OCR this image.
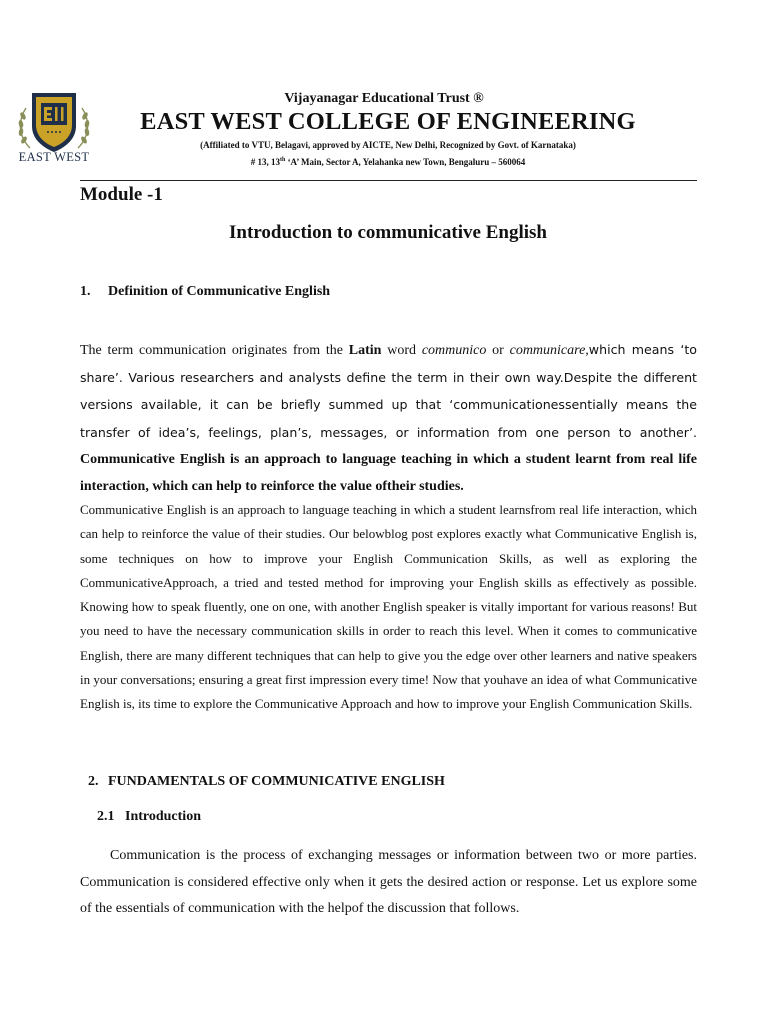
EAST WEST
Vijayanagar Educational Trust ®
EAST WEST COLLEGE OF ENGINEERING
(Affiliated to VTU, Belagavi, approved by AICTE, New Delhi, Recognized by Govt. of Karnataka)
# 13, 13th ‘A’ Main, Sector A, Yelahanka new Town, Bengaluru – 560064
Module -1
Introduction to communicative English
1. Definition of Communicative English
The term communication originates from the Latin word communico or communicare,which means ‘to share’. Various researchers and analysts define the term in their own way.Despite the different versions available, it can be briefly summed up that ‘communicationessentially means the transfer of idea’s, feelings, plan’s, messages, or information from one person to another’. Communicative English is an approach to language teaching in which a student learnt from real life interaction, which can help to reinforce the value oftheir studies.
Communicative English is an approach to language teaching in which a student learnsfrom real life interaction, which can help to reinforce the value of their studies. Our belowblog post explores exactly what Communicative English is, some techniques on how to improve your English Communication Skills, as well as exploring the CommunicativeApproach, a tried and tested method for improving your English skills as effectively as possible. Knowing how to speak fluently, one on one, with another English speaker is vitally important for various reasons! But you need to have the necessary communication skills in order to reach this level. When it comes to communicative English, there are many different techniques that can help to give you the edge over other learners and native speakers in your conversations; ensuring a great first impression every time! Now that youhave an idea of what Communicative English is, its time to explore the Communicative Approach and how to improve your English Communication Skills.
2. FUNDAMENTALS OF COMMUNICATIVE ENGLISH
2.1 Introduction
Communication is the process of exchanging messages or information between two or more parties. Communication is considered effective only when it gets the desired action or response. Let us explore some of the essentials of communication with the helpof the discussion that follows.
